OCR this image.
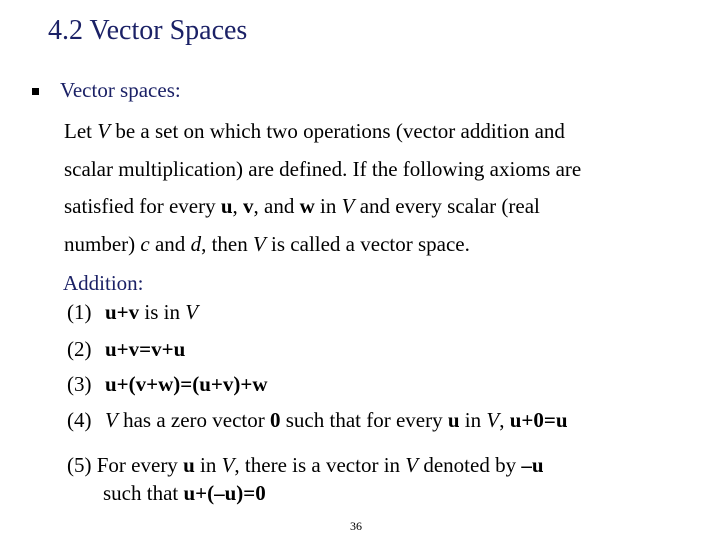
4.2 Vector Spaces
Vector spaces:
Let V be a set on which two operations (vector addition and
scalar multiplication) are defined. If the following axioms are
satisfied for every u, v, and w in V and every scalar (real
number) c and d, then V is called a vector space.
Addition:
(1) u+v is in V
(2) u+v=v+u
(3) u+(v+w)=(u+v)+w
(4) V has a zero vector 0 such that for every u in V, u+0=u
(5) For every u in V, there is a vector in V denoted by –u
such that u+(–u)=0
36
